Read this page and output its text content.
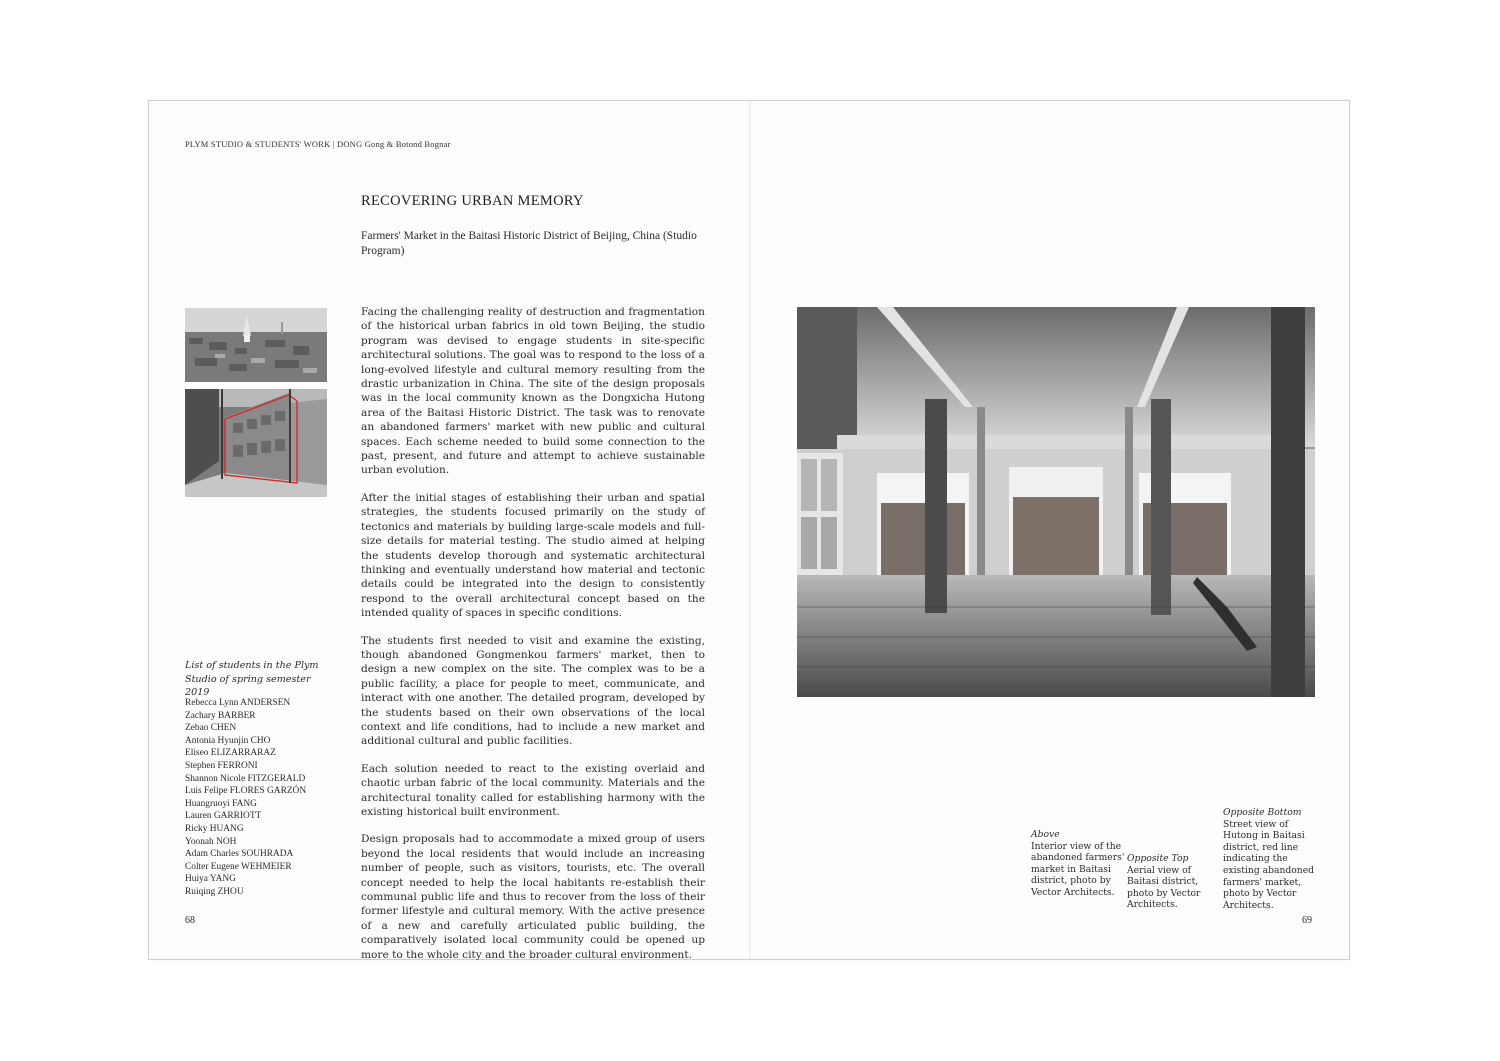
PLYM STUDIO & STUDENTS' WORK | DONG Gong & Botond Bognar
RECOVERING URBAN MEMORY
Farmers' Market in the Baitasi Historic District of Beijing, China (Studio Program)

Facing the challenging reality of destruction and fragmentation of the historical urban fabrics in old town Beijing, the studio program was devised to engage students in site-specific architectural solutions. The goal was to respond to the loss of a long-evolved lifestyle and cultural memory resulting from the drastic urbanization in China. The site of the design proposals was in the local community known as the Dongxicha Hutong area of the Baitasi Historic District. The task was to renovate an abandoned farmers' market with new public and cultural spaces. Each scheme needed to build some connection to the past, present, and future and attempt to achieve sustainable urban evolution.

After the initial stages of establishing their urban and spatial strategies, the students focused primarily on the study of tectonics and materials by building large-scale models and full-size details for material testing. The studio aimed at helping the students develop thorough and systematic architectural thinking and eventually understand how material and tectonic details could be integrated into the design to consistently respond to the overall architectural concept based on the intended quality of spaces in specific conditions.

The students first needed to visit and examine the existing, though abandoned Gongmenkou farmers' market, then to design a new complex on the site. The complex was to be a public facility, a place for people to meet, communicate, and interact with one another. The detailed program, developed by the students based on their own observations of the local context and life conditions, had to include a new market and additional cultural and public facilities.

Each solution needed to react to the existing overlaid and chaotic urban fabric of the local community. Materials and the architectural tonality called for establishing harmony with the existing historical built environment.

Design proposals had to accommodate a mixed group of users beyond the local residents that would include an increasing number of people, such as visitors, tourists, etc. The overall concept needed to help the local habitants re-establish their communal public life and thus to recover from the loss of their former lifestyle and cultural memory. With the active presence of a new and carefully articulated public building, the comparatively isolated local community could be opened up more to the whole city and the broader cultural environment.

List of students in the Plym Studio of spring semester 2019
Rebecca Lynn ANDERSEN
Zachary BARBER
Zebao CHEN
Antonia Hyunjin CHO
Eliseo ELIZARRARAZ
Stephen FERRONI
Shannon Nicole FITZGERALD
Luis Felipe FLORES GARZÓN
Huangruoyi FANG
Lauren GARRIOTT
Ricky HUANG
Yoonah NOH
Adam Charles SOUHRADA
Colter Eugene WEHMEIER
Huiya YANG
Ruiqing ZHOU
68	69
Above
Interior view of the abandoned farmers' market in Baitasi district, photo by Vector Architects.
Opposite Top
Aerial view of Baitasi district, photo by Vector Architects.
Opposite Bottom
Street view of Hutong in Baitasi district, red line indicating the existing abandoned farmers' market, photo by Vector Architects.
